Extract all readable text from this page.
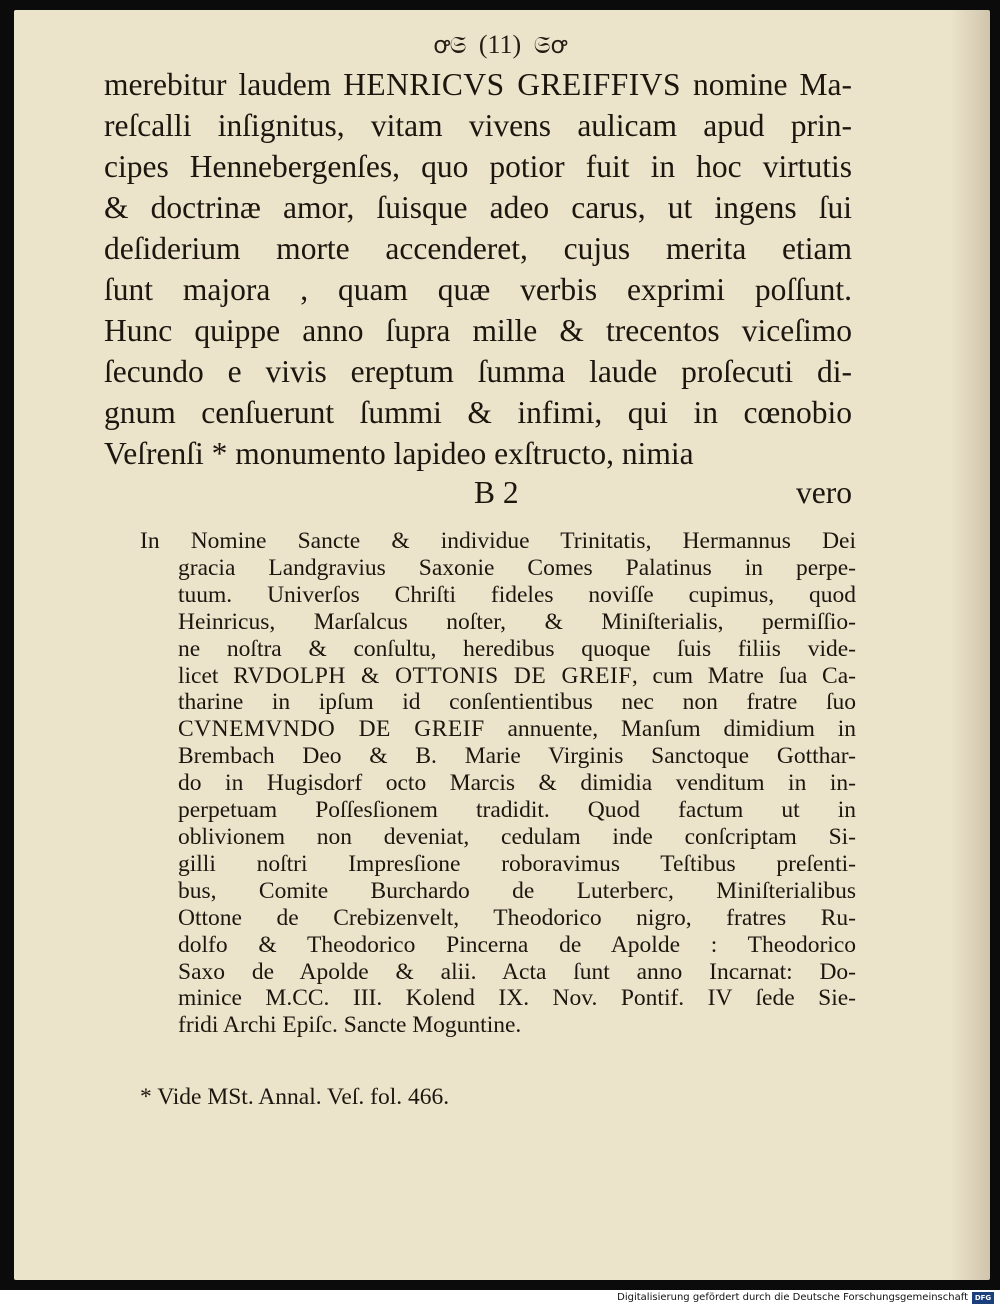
ꝍ𝔖 (11) 𝔖ꝍ
merebitur laudem HENRICVS GREIFFIVS nomine Ma-
reſcalli inſignitus, vitam vivens aulicam apud prin-
cipes Hennebergenſes, quo potior fuit in hoc virtutis
& doctrinæ amor, ſuisque adeo carus, ut ingens ſui
deſiderium morte accenderet, cujus merita etiam
ſunt majora , quam quæ verbis exprimi poſſunt.
Hunc quippe anno ſupra mille & trecentos viceſimo
ſecundo e vivis ereptum ſumma laude proſecuti di-
gnum cenſuerunt ſummi & infimi, qui in cœnobio
Veſrenſi * monumento lapideo exſtructo, nimia
B 2	vero
In Nomine Sancte & individue Trinitatis, Hermannus Dei
gracia Landgravius Saxonie Comes Palatinus in perpe-
tuum. Univerſos Chriſti fideles noviſſe cupimus, quod
Heinricus, Marſalcus noſter, & Miniſterialis, permiſſio-
ne noſtra & conſultu, heredibus quoque ſuis filiis vide-
licet RVDOLPH & OTTONIS DE GREIF, cum Matre ſua Ca-
tharine in ipſum id conſentientibus nec non fratre ſuo
CVNEMVNDO DE GREIF annuente, Manſum dimidium in
Brembach Deo & B. Marie Virginis Sanctoque Gotthar-
do in Hugisdorf octo Marcis & dimidia venditum in in-
perpetuam Poſſesſionem tradidit. Quod factum ut in
oblivionem non deveniat, cedulam inde conſcriptam Si-
gilli noſtri Impresſione roboravimus Teſtibus preſenti-
bus, Comite Burchardo de Luterberc, Miniſterialibus
Ottone de Crebizenvelt, Theodorico nigro, fratres Ru-
dolfo & Theodorico Pincerna de Apolde : Theodorico
Saxo de Apolde & alii. Acta ſunt anno Incarnat: Do-
minice M.CC. III. Kolend IX. Nov. Pontif. IV ſede Sie-
fridi Archi Epiſc. Sancte Moguntine.
* Vide MSt. Annal. Veſ. fol. 466.
Digitalisierung gefördert durch die Deutsche Forschungsgemeinschaft DFG
